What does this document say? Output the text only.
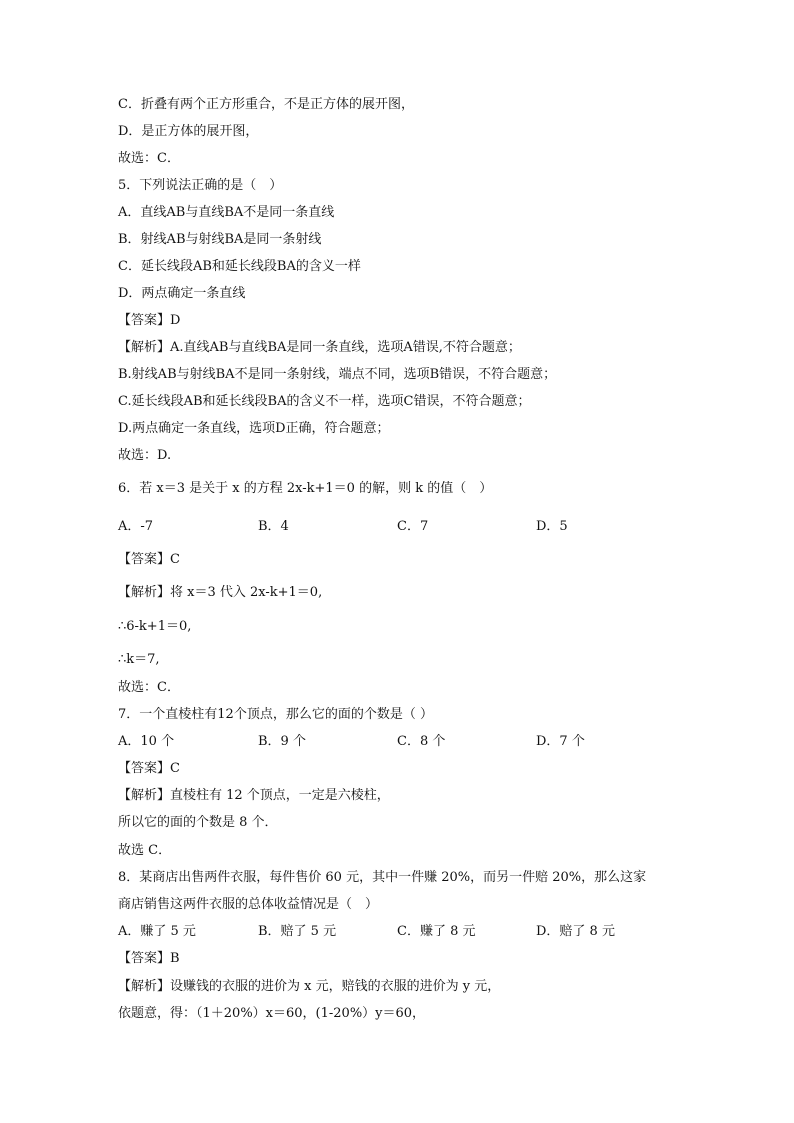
C．折叠有两个正方形重合，不是正方体的展开图，
D．是正方体的展开图，
故选：C．
5．下列说法正确的是（　）
A．直线AB与直线BA不是同一条直线
B．射线AB与射线BA是同一条射线
C．延长线段AB和延长线段BA的含义一样
D．两点确定一条直线
【答案】D
【解析】A.直线AB与直线BA是同一条直线，选项A错误,不符合题意；
B.射线AB与射线BA不是同一条射线，端点不同，选项B错误，不符合题意；
C.延长线段AB和延长线段BA的含义不一样，选项C错误，不符合题意；
D.两点确定一条直线，选项D正确，符合题意；
故选：D.
6．若 x＝3 是关于 x 的方程 2x-k+1＝0 的解，则 k 的值（　）
A．-7	B．4	C．7	D．5
【答案】C
【解析】将 x＝3 代入 2x-k+1＝0,
∴6-k+1＝0,
∴k＝7,
故选：C．
7．一个直棱柱有12个顶点，那么它的面的个数是（ ）
A．10 个	B．9 个	C．8 个	D．7 个
【答案】C
【解析】直棱柱有 12 个顶点，一定是六棱柱，
所以它的面的个数是 8 个．
故选 C．
8．某商店出售两件衣服，每件售价 60 元，其中一件赚 20%，而另一件赔 20%，那么这家
商店销售这两件衣服的总体收益情况是（　）
A．赚了 5 元	B．赔了 5 元	C．赚了 8 元	D．赔了 8 元
【答案】B
【解析】设赚钱的衣服的进价为 x 元，赔钱的衣服的进价为 y 元，
依题意，得：（1＋20%）x＝60，(1-20%）y＝60，
